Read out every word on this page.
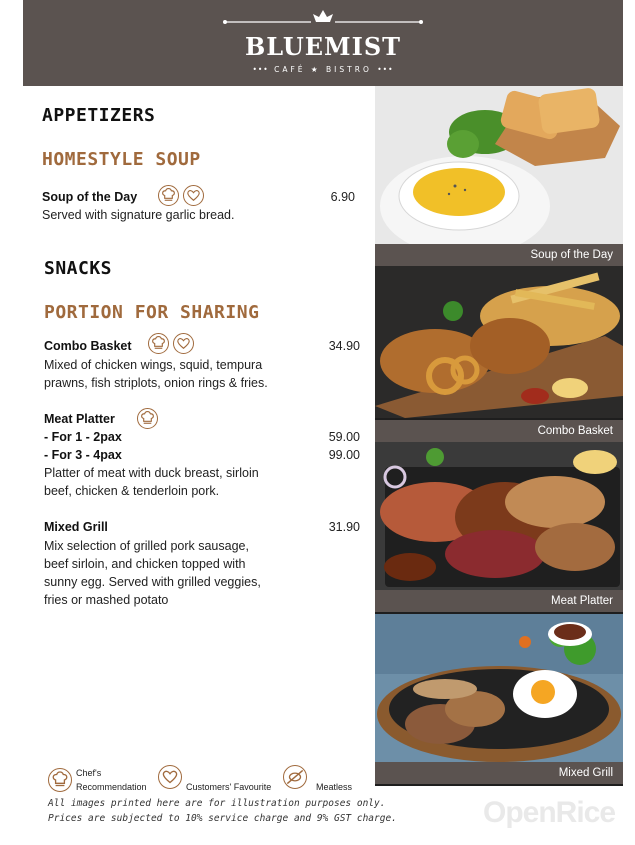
BLUEMIST
••• CAFÉ ★ BISTRO •••
APPETIZERS
HOMESTYLE SOUP
Soup of the Day	6.90
Served with signature garlic bread.
SNACKS
PORTION FOR SHARING
Combo Basket	34.90
Mixed of chicken wings, squid, tempura
prawns, fish striplots, onion rings & fries.
Meat Platter
- For 1 - 2pax	59.00
- For 3 - 4pax	99.00
Platter of meat with duck breast, sirloin
beef, chicken & tenderloin pork.
Mixed Grill	31.90
Mix selection of grilled pork sausage,
beef sirloin, and chicken topped with
sunny egg. Served with grilled veggies,
fries or mashed potato
Soup of the Day
Combo Basket
Meat Platter
Mixed Grill
Chef's
Recommendation	Customers' Favourite	Meatless
All images printed here are for illustration purposes only.
Prices are subjected to 10% service charge and 9% GST charge.	OpenRice
